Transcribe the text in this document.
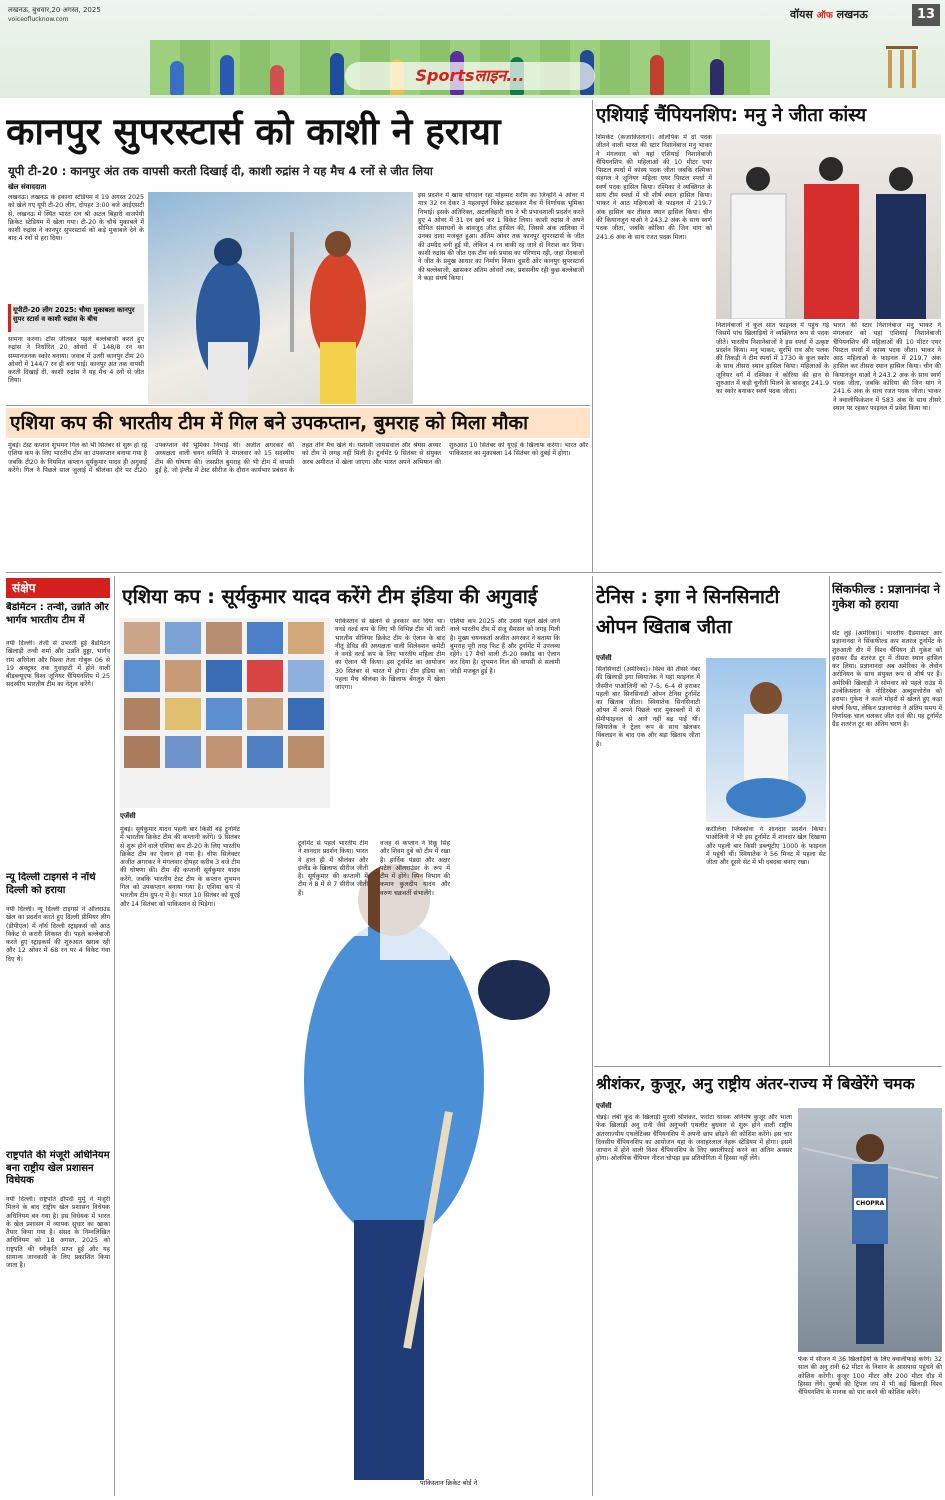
लखनऊ, बुधवार,20 अगस्त, 2025
voiceoflucknow.com	वॉयस ऑफ लखनऊ	13
Sportsलाइन...
कानपुर सुपरस्टार्स को काशी ने हराया
यूपी टी-20 : कानपुर अंत तक वापसी करती दिखाई दी, काशी रुद्रांस ने यह मैच 4 रनों से जीत लिया
खेल संवाददाता
लखनऊ। लखनऊ के इकाना स्टेडियम में 19 अगस्त 2025 को खेले गए यूपी टी-20 लीग, दोपहर 3:00 बजे आईएसटी से, लखनऊ में स्थित भारत रत्न श्री अटल बिहारी वाजपेयी क्रिकेट स्टेडियम में खेला गया। टी-20 के चौथे मुकाबले में काशी रुद्रांस ने कानपुर सुपरस्टार्स को कड़े मुकाबले देने के बाद 4 रनों से हरा दिया।
यूपीटी-20 लीग 2025: चौथा मुकाबला कानपुर सुपर स्टार्स व काशी रुद्रांस के बीच
सामना करना। टॉस जीतकर पहले बल्लेबाजी करते हुए रुद्रांस ने निर्धारित 20 ओवरों में 148/8 रन का सम्मानजनक स्कोर बनाया। जवाब में उतरी कानपुर टीम 20 ओवरों में 144/7 रन ही बना पाई। कानपुर अंत तक वापसी करती दिखाई दी, काशी रुद्रांस ने यह मैच 4 रनों से जीत लिया।
इस प्रदर्शन में खास योगदान रहा मोहम्मद शरीम का जिन्होंने 4 ओवर में मात्र 32 रन देकर 3 महत्वपूर्ण विकेट झटककर मैच में निर्णायक भूमिका निभाई। इसके अतिरिक्त, अटलविहारी राय ने भी प्रभावशाली प्रदर्शन करते हुए 4 ओवर में 31 रन खर्च कर 1 विकेट लिया। काशी रुद्रांस ने अपने सीमित संसाधनों के बावजूद जीत हासिल की, जिससे अंक तालिका में उनका दावा मजबूत हुआ। अंतिम ओवर तक कानपुर सुपरस्टार्स के जीत की उम्मीद बनी हुई थी, लेकिन 4 रन बाकी रह जाने से निराश कर दिया। काशी रुद्रांस की जीत एक टीम वर्क प्रयास का परिणाम रही, जहां गेंदबाजों ने जीत के प्रमुख आधार का निर्माण किया। दूसरी ओर कानपुर सुपरस्टार्स की बल्लेबाजी, खासकर अंतिम ओवरों तक, प्रशंसनीय रही कुछ बल्लेबाजों ने कड़ा संघर्ष किया।
एशियाई चैंपियनशिप: मनु ने जीता कांस्य
शिमकेंट (कजाकिस्तान)। ओलंपिक में दो पदक जीतने वाली भारत की स्टार निशानेबाज मनु भाकर ने मंगलवार को यहां एशियाई निशानेबाजी चैंपियनशिप की महिलाओं की 10 मीटर एयर पिस्टल स्पर्धा में कांस्य पदक जीता जबकि रश्मिका सहगल ने जूनियर महिला एयर पिस्टल स्पर्धा में स्वर्ण पदक हासिल किया। रश्मिका ने व्यक्तिगत के साथ टीम स्पर्धा में भी शीर्ष स्थान हासिल किया। भाकर ने आठ महिलाओं के फाइनल में 219.7 अंक हासिल कर तीसरा स्थान हासिल किया। चीन की कियानजुन याओ ने 243.2 अंक के साथ स्वर्ण पदक जीता, जबकि कोरिया की जिन यांग को 241.6 अंक के साथ रजत पदक मिला।
निशानेबाजों ने कुल सात फाइनल में पहुंच गई जिसमें पांच खिलाड़ियों ने व्यक्तिगत रूप से पदक जीते। भारतीय निशानेबाजों ने इस स्पर्धा में उत्कृष्ट प्रदर्शन किया। मनु भाकर, सुरभि राव और पलक की तिकड़ी ने टीम स्पर्धा में 1730 के कुल स्कोर के साथ तीसरा स्थान हासिल किया। महिलाओं के जूनियर वर्ग में रश्मिका ने कोरिया की हान से शुरुआत में कड़ी चुनौती मिलने के बावजूद 241.9 का स्कोर बनाकर स्वर्ण पदक जीता।
भारत की स्टार निशानेबाज मनु भाकर ने मंगलवार को यहां एशियाई निशानेबाजी चैंपियनशिप की महिलाओं की 10 मीटर एयर पिस्टल स्पर्धा में कांस्य पदक जीता। भाकर ने आठ महिलाओं के फाइनल में 219.7 अंक हासिल कर तीसरा स्थान हासिल किया। चीन की कियानजुन याओ ने 243.2 अंक के साथ स्वर्ण पदक जीता, जबकि कोरिया की जिन यांग ने 241.6 अंक के साथ रजत पदक जीता। भाकर ने क्वालीफिकेशन में 583 अंक के साथ तीसरे स्थान पर रहकर फाइनल में प्रवेश किया था।
एशिया कप की भारतीय टीम में गिल बने उपकप्तान, बुमराह को मिला मौका
मुंबई। टेस्ट कप्तान शुभमन गिल को भी सितंबर से शुरू हो रहे एशिया कप के लिए भारतीय टीम का उपकप्तान बनाया गया है जबकि टी20 के नियमित कप्तान सूर्यकुमार यादव ही अगुवाई करेंगे। गिल ने पिछले साल जुलाई में श्रीलंका दौरे पर टी20 उपकप्तान की भूमिका निभाई थी। अजीत अगरकर की अध्यक्षता वाली चयन समिति ने मंगलवार को 15 सदस्यीय टीम की घोषणा की। जसप्रीत बुमराह की भी टीम में वापसी हुई है, जो इंग्लैंड में टेस्ट सीरीज के दौरान कार्यभार प्रबंधन के तहत तीन मैच खेले थे। यशस्वी जायसवाल और श्रेयस अय्यर को टीम में जगह नहीं मिली है। टूर्नामेंट 9 सितंबर से संयुक्त अरब अमीरात में खेला जाएगा और भारत अपने अभियान की शुरुआत 10 सितंबर को यूएई के खिलाफ करेगा। भारत और पाकिस्तान का मुकाबला 14 सितंबर को दुबई में होगा।
संक्षेप
बैडमिंटन : तन्वी, उन्नति और भार्गव भारतीय टीम में
नयी दिल्ली। तेजी से उभरती हुई बैडमिंटन खिलाड़ी तन्वी शर्मा और उन्नति हुड्डा, भार्गव राम अरिगेला और विश्वा तेजा गोबुरू 06 से 19 अक्टूबर तक गुवाहाटी में होने वाली बीडब्ल्यूएफ विश्व जूनियर चैंपियनशिप में 25 सदस्यीय भारतीय टीम का नेतृत्व करेंगे।
न्यू दिल्ली टाइगर्स ने नॉर्थ दिल्ली को हराया
नयी दिल्ली। न्यू दिल्ली टाइगर्स ने ऑलराउंड खेल का प्रदर्शन करते हुए दिल्ली प्रीमियर लीग (डीपीएल) में नॉर्थ दिल्ली स्ट्राइकर्स को आठ विकेट से करारी शिकस्त दी। पहले बल्लेबाजी करते हुए स्ट्राइकर्स की शुरुआत खराब रही और 12 ओवर में 68 रन पर 4 विकेट गंवा दिए थे।
राष्ट्रपति की मंजूरी अधिनियम बना राष्ट्रीय खेल प्रशासन विधेयक
नयी दिल्ली। राष्ट्रपति द्रौपदी मुर्मु ने मंजूरी मिलने के बाद राष्ट्रीय खेल प्रशासन विधेयक अधिनियम बन गया है। इस विधेयक में भारत के खेल प्रशासन में व्यापक सुधार का खाका तैयार किया गया है। संसद के निम्नलिखित अधिनियम को 18 अगस्त, 2025 को राष्ट्रपति की स्वीकृति प्राप्त हुई और यह सामान्य जानकारी के लिए प्रकाशित किया जाता है।
एशिया कप : सूर्यकुमार यादव करेंगे टीम इंडिया की अगुवाई
पाकिस्तान से खेलने से इनकार कर दिया था। वनडे वर्ल्ड कप के लिए भी विभिन्न टीम भी जारी भारतीय सीनियर क्रिकेट टीम के ऐलान के बाद नीतू डेविड की अध्यक्षता वाली सिलेक्शन कमेटी ने वनडे वर्ल्ड कप के लिए भारतीय महिला टीम का ऐलान भी किया। इस टूर्नामेंट का आयोजन 30 सितंबर से भारत में होगा। टीम इंडिया का पहला मैच श्रीलंका के खिलाफ बेंगलुरु में खेला जाएगा।
एशिया कप 2025 और उससे पहले खेले जाने वाले भारतीय टीम में संजू सैमसन को जगह मिली है। मुख्य चयनकर्ता अजीत अगरकर ने बताया कि बुमराह पूरी तरह फिट हैं और टूर्नामेंट में उपलब्ध रहेंगे। 17 मैचों वाली टी-20 स्क्वॉड का ऐलान कर दिया है। शुभमन गिल की वापसी से सलामी जोड़ी मजबूत हुई है।
एजेंसी
मुंबई। सूर्यकुमार यादव पहली बार किसी बड़े टूर्नामेंट में भारतीय क्रिकेट टीम की कप्तानी करेंगे। 9 सितंबर से शुरू होने वाले एशिया कप टी-20 के लिए भारतीय क्रिकेट टीम का ऐलान हो गया है। चीफ सिलेक्टर अजीत अगरकर ने मंगलवार दोपहर करीब 3 बजे टीम की घोषणा की। टीम की कप्तानी सूर्यकुमार यादव करेंगे, जबकि भारतीय टेस्ट टीम के कप्तान शुभमन गिल को उपकप्तान बनाया गया है। एशिया कप में भारतीय टीम ग्रुप-ए में है। भारत 10 सितंबर को यूएई और 14 सितंबर को पाकिस्तान से भिड़ेगा।
टूर्नामेंट से पहले भारतीय टीम ने शानदार प्रदर्शन किया। भारत ने हाल ही में श्रीलंका और इंग्लैंड के खिलाफ सीरीज जीती हैं। सूर्यकुमार की कप्तानी में टीम ने 8 में से 7 सीरीज जीती हैं।
वजह से कप्तान ने रिंकू सिंह और शिवम दुबे को टीम में रखा है। हार्दिक पंड्या और अक्षर पटेल ऑलराउंडर के रूप में टीम में होंगे। स्पिन विभाग की कमान कुलदीप यादव और वरुण चक्रवर्ती संभालेंगे।
पाकिस्तान क्रिकेट बोर्ड ने
टेनिस : इगा ने सिनसिनाटी ओपन खिताब जीता
एजेंसी
सिनसिनाटी (अमेरिका)। विश्व की तीसरे नंबर की खिलाड़ी इगा स्वियातेक ने यहां फाइनल में जैस्मीन पाओलिनी को 7-5, 6-4 से हराकर पहली बार सिनसिनाटी ओपन टेनिस टूर्नामेंट का खिताब जीता। स्वियातेक सिनसिनाटी ओपन में अपने पिछले चार मुकाबलों में से सेमीफाइनल से आगे नहीं बढ़ पाई थीं। स्वियातेक ने ट्रेलर रूप के साथ खेलकर विंबलडन के बाद एक और बड़ा खिताब जीता है।
करोलिना प्लिस्कोवा ने शानदार प्रदर्शन किया। पाओलिनी ने भी इस टूर्नामेंट में शानदार खेल दिखाया और पहली बार किसी डब्ल्यूटीए 1000 के फाइनल में पहुंची थीं। स्वियातेक ने 56 मिनट में पहला सेट जीता और दूसरे सेट में भी दबदबा बनाए रखा।
सिंकफील्ड : प्रज्ञानानंदा ने गुकेश को हराया
सेंट लुई (अमेरिका)। भारतीय ग्रैंडमास्टर आर प्रज्ञानानंदा ने सिंकफील्ड कप शतरंज टूर्नामेंट के शुरुआती दौर में विश्व चैंपियन डी गुकेश को हराकर ग्रैंड शतरंज टूर में तीसरा स्थान हासिल कर लिया। प्रज्ञानानंदा अब अमेरिका के लेवोन अरोनियन के साथ संयुक्त रूप से शीर्ष पर हैं। अमेरिकी खिलाड़ी ने सोमवार को पहले राउंड में उज्बेकिस्तान के नोदिरबेक अब्दुसत्तोरोव को हराया। गुकेश ने काले मोहरों से खेलते हुए कड़ा संघर्ष किया, लेकिन प्रज्ञानानंदा ने अंतिम समय में निर्णायक चाल चलकर जीत दर्ज की। यह टूर्नामेंट ग्रैंड शतरंज टूर का अंतिम चरण है।
श्रीशंकर, कुजूर, अनु राष्ट्रीय अंतर-राज्य में बिखेरेंगे चमक
एजेंसी
चेन्नई। लंबी कूद के खिलाड़ी मुरली श्रीशंकर, फर्राटा धावक अनिमेष कुजूर और भाला फेंक खिलाड़ी अनु रानी जैसे अनुभवी एथलीट बुधवार से शुरू होने वाली राष्ट्रीय अंतरराज्यीय एथलेटिक्स चैंपियनशिप में अपनी छाप छोड़ने की कोशिश करेंगे। इस चार दिवसीय चैंपियनशिप का आयोजन यहां के जवाहरलाल नेहरू स्टेडियम में होगा। इसमें जापान में होने वाली विश्व चैंपियनशिप के लिए क्वालीफाई करने का अंतिम अवसर होगा। ओलंपिक चैंपियन नीरज चोपड़ा इस प्रतियोगिता में हिस्सा नहीं लेंगे।
CHOPRA
फेंक में सीजन में 36 खिलाड़ियों के लिए क्वालीफाई करेंगे। 32 साल की अनु रानी 62 मीटर के निशान के आसपास पहुंचने की कोशिश करेंगी। कुजूर 100 मीटर और 200 मीटर दौड़ में हिस्सा लेंगे। पुरुषों की ट्रिपल जंप में भी कई खिलाड़ी विश्व चैंपियनशिप के मानक को पार करने की कोशिश करेंगे।
